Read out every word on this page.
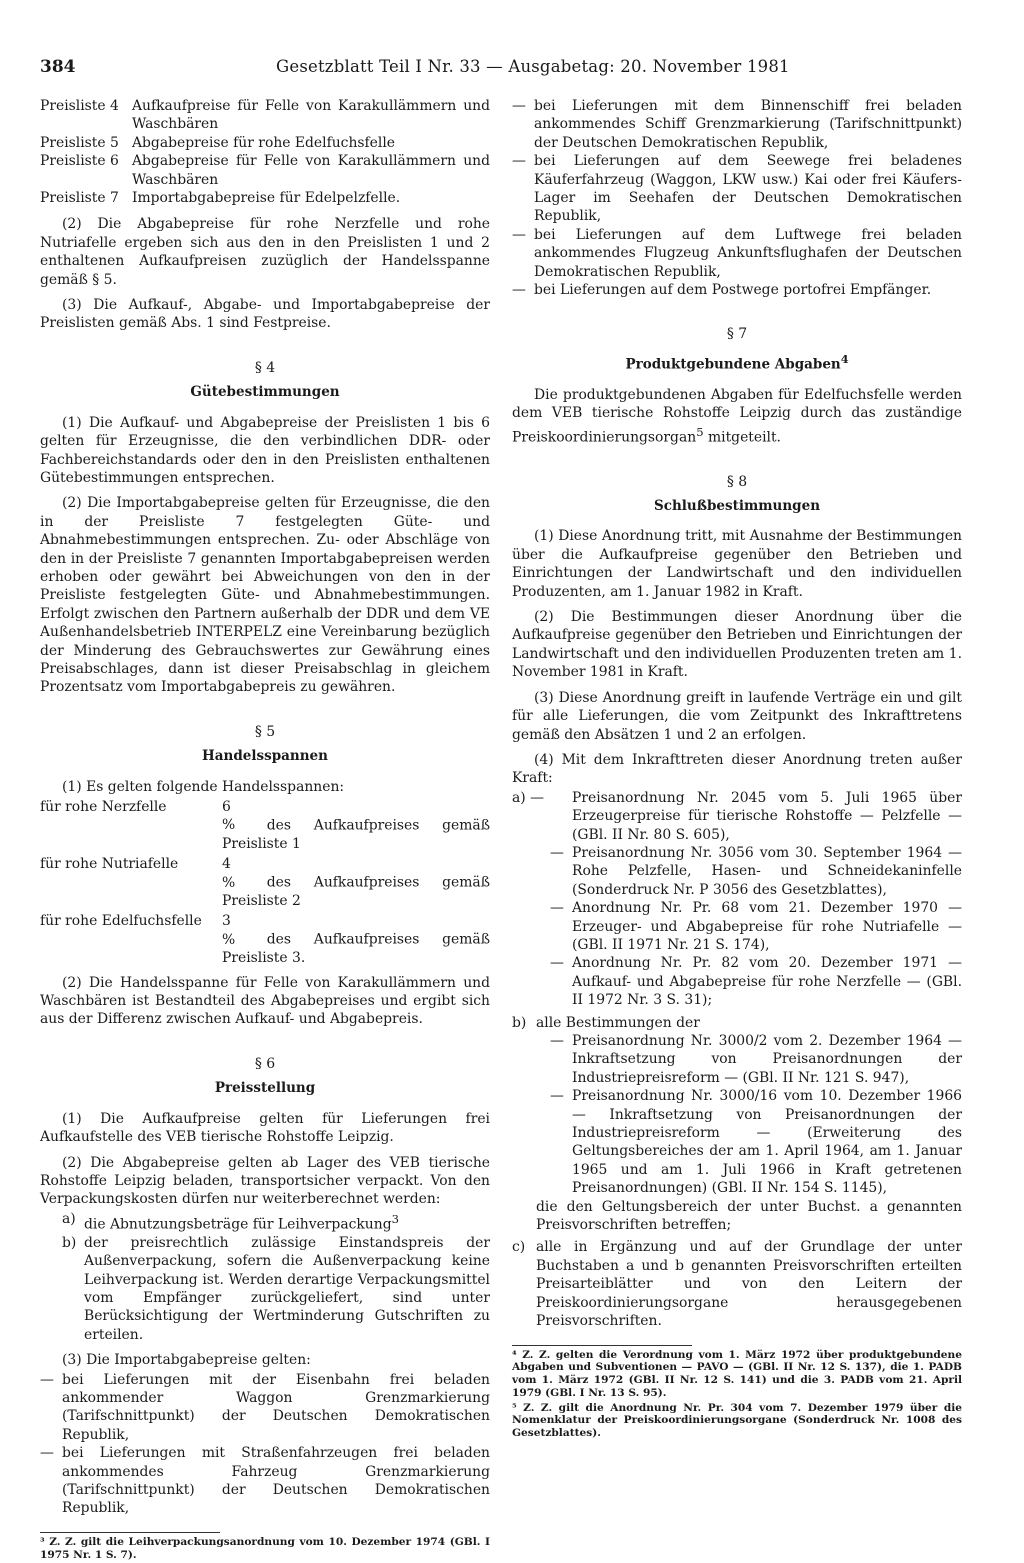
384	Gesetzblatt Teil I Nr. 33 — Ausgabetag: 20. November 1981
Preisliste 4 Aufkaufpreise für Felle von Karakullämmern und Waschbären
Preisliste 5 Abgabepreise für rohe Edelfuchsfelle
Preisliste 6 Abgabepreise für Felle von Karakullämmern und Waschbären
Preisliste 7 Importabgabepreise für Edelpelzfelle.

(2) Die Abgabepreise für rohe Nerzfelle und rohe Nutriafelle ergeben sich aus den in den Preislisten 1 und 2 enthaltenen Aufkaufpreisen zuzüglich der Handelsspanne gemäß § 5.

(3) Die Aufkauf-, Abgabe- und Importabgabepreise der Preislisten gemäß Abs. 1 sind Festpreise.

§ 4
Gütebestimmungen

(1) Die Aufkauf- und Abgabepreise der Preislisten 1 bis 6 gelten für Erzeugnisse, die den verbindlichen DDR- oder Fachbereichstandards oder den in den Preislisten enthaltenen Gütebestimmungen entsprechen.

(2) Die Importabgabepreise gelten für Erzeugnisse, die den in der Preisliste 7 festgelegten Güte- und Abnahmebestimmungen entsprechen. Zu- oder Abschläge von den in der Preisliste 7 genannten Importabgabepreisen werden erhoben oder gewährt bei Abweichungen von den in der Preisliste festgelegten Güte- und Abnahmebestimmungen. Erfolgt zwischen den Partnern außerhalb der DDR und dem VE Außenhandelsbetrieb INTERPELZ eine Vereinbarung bezüglich der Minderung des Gebrauchswertes zur Gewährung eines Preisabschlages, dann ist dieser Preisabschlag in gleichem Prozentsatz vom Importabgabepreis zu gewähren.

§ 5
Handelsspannen

(1) Es gelten folgende Handelsspannen:

für rohe Nerzfelle	6 % des Aufkaufpreises gemäß Preisliste 1
für rohe Nutriafelle	4 % des Aufkaufpreises gemäß Preisliste 2
für rohe Edelfuchsfelle	3 % des Aufkaufpreises gemäß Preisliste 3.

(2) Die Handelsspanne für Felle von Karakullämmern und Waschbären ist Bestandteil des Abgabepreises und ergibt sich aus der Differenz zwischen Aufkauf- und Abgabepreis.

§ 6
Preisstellung

(1) Die Aufkaufpreise gelten für Lieferungen frei Aufkaufstelle des VEB tierische Rohstoffe Leipzig.

(2) Die Abgabepreise gelten ab Lager des VEB tierische Rohstoffe Leipzig beladen, transportsicher verpackt. Von den Verpackungskosten dürfen nur weiterberechnet werden:

a) die Abnutzungsbeträge für Leihverpackung$^3$
b) der preisrechtlich zulässige Einstandspreis der Außenverpackung, sofern die Außenverpackung keine Leihverpackung ist. Werden derartige Verpackungsmittel vom Empfänger zurückgeliefert, sind unter Berücksichtigung der Wertminderung Gutschriften zu erteilen.

(3) Die Importabgabepreise gelten:

— bei Lieferungen mit der Eisenbahn frei beladen ankommender Waggon Grenzmarkierung (Tarifschnittpunkt) der Deutschen Demokratischen Republik,
— bei Lieferungen mit Straßenfahrzeugen frei beladen ankommendes Fahrzeug Grenzmarkierung (Tarifschnittpunkt) der Deutschen Demokratischen Republik,
³ Z. Z. gilt die Leihverpackungsanordnung vom 10. Dezember 1974 (GBl. I 1975 Nr. 1 S. 7).
— bei Lieferungen mit dem Binnenschiff frei beladen ankommendes Schiff Grenzmarkierung (Tarifschnittpunkt) der Deutschen Demokratischen Republik,
— bei Lieferungen auf dem Seewege frei beladenes Käuferfahrzeug (Waggon, LKW usw.) Kai oder frei Käufers-Lager im Seehafen der Deutschen Demokratischen Republik,
— bei Lieferungen auf dem Luftwege frei beladen ankommendes Flugzeug Ankunftsflughafen der Deutschen Demokratischen Republik,
— bei Lieferungen auf dem Postwege portofrei Empfänger.
§ 7
Produktgebundene Abgaben$^4$

Die produktgebundenen Abgaben für Edelfuchsfelle werden dem VEB tierische Rohstoffe Leipzig durch das zuständige Preiskoordinierungsorgan$^5$ mitgeteilt.

§ 8
Schlußbestimmungen

(1) Diese Anordnung tritt, mit Ausnahme der Bestimmungen über die Aufkaufpreise gegenüber den Betrieben und Einrichtungen der Landwirtschaft und den individuellen Produzenten, am 1. Januar 1982 in Kraft.

(2) Die Bestimmungen dieser Anordnung über die Aufkaufpreise gegenüber den Betrieben und Einrichtungen der Landwirtschaft und den individuellen Produzenten treten am 1. November 1981 in Kraft.

(3) Diese Anordnung greift in laufende Verträge ein und gilt für alle Lieferungen, die vom Zeitpunkt des Inkrafttretens gemäß den Absätzen 1 und 2 an erfolgen.

(4) Mit dem Inkrafttreten dieser Anordnung treten außer Kraft:

a) —	Preisanordnung Nr. 2045 vom 5. Juli 1965 über Erzeugerpreise für tierische Rohstoffe — Pelzfelle — (GBl. II Nr. 80 S. 605),
— Preisanordnung Nr. 3056 vom 30. September 1964 — Rohe Pelzfelle, Hasen- und Schneidekaninfelle (Sonderdruck Nr. P 3056 des Gesetzblattes),
— Anordnung Nr. Pr. 68 vom 21. Dezember 1970 — Erzeuger- und Abgabepreise für rohe Nutriafelle — (GBl. II 1971 Nr. 21 S. 174),
— Anordnung Nr. Pr. 82 vom 20. Dezember 1971 — Aufkauf- und Abgabepreise für rohe Nerzfelle — (GBl. II 1972 Nr. 3 S. 31);
b) alle Bestimmungen der
— Preisanordnung Nr. 3000/2 vom 2. Dezember 1964 — Inkraftsetzung von Preisanordnungen der Industriepreisreform — (GBl. II Nr. 121 S. 947),
— Preisanordnung Nr. 3000/16 vom 10. Dezember 1966 — Inkraftsetzung von Preisanordnungen der Industriepreisreform — (Erweiterung des Geltungsbereiches der am 1. April 1964, am 1. Januar 1965 und am 1. Juli 1966 in Kraft getretenen Preisanordnungen) (GBl. II Nr. 154 S. 1145),
die den Geltungsbereich der unter Buchst. a genannten Preisvorschriften betreffen;
c) alle in Ergänzung und auf der Grundlage der unter Buchstaben a und b genannten Preisvorschriften erteilten Preisarteiblätter und von den Leitern der Preiskoordinierungsorgane herausgegebenen Preisvorschriften.
⁴ Z. Z. gelten die Verordnung vom 1. März 1972 über produktgebundene Abgaben und Subventionen — PAVO — (GBl. II Nr. 12 S. 137), die 1. PADB vom 1. März 1972 (GBl. II Nr. 12 S. 141) und die 3. PADB vom 21. April 1979 (GBl. I Nr. 13 S. 95).
⁵ Z. Z. gilt die Anordnung Nr. Pr. 304 vom 7. Dezember 1979 über die Nomenklatur der Preiskoordinierungsorgane (Sonderdruck Nr. 1008 des Gesetzblattes).
